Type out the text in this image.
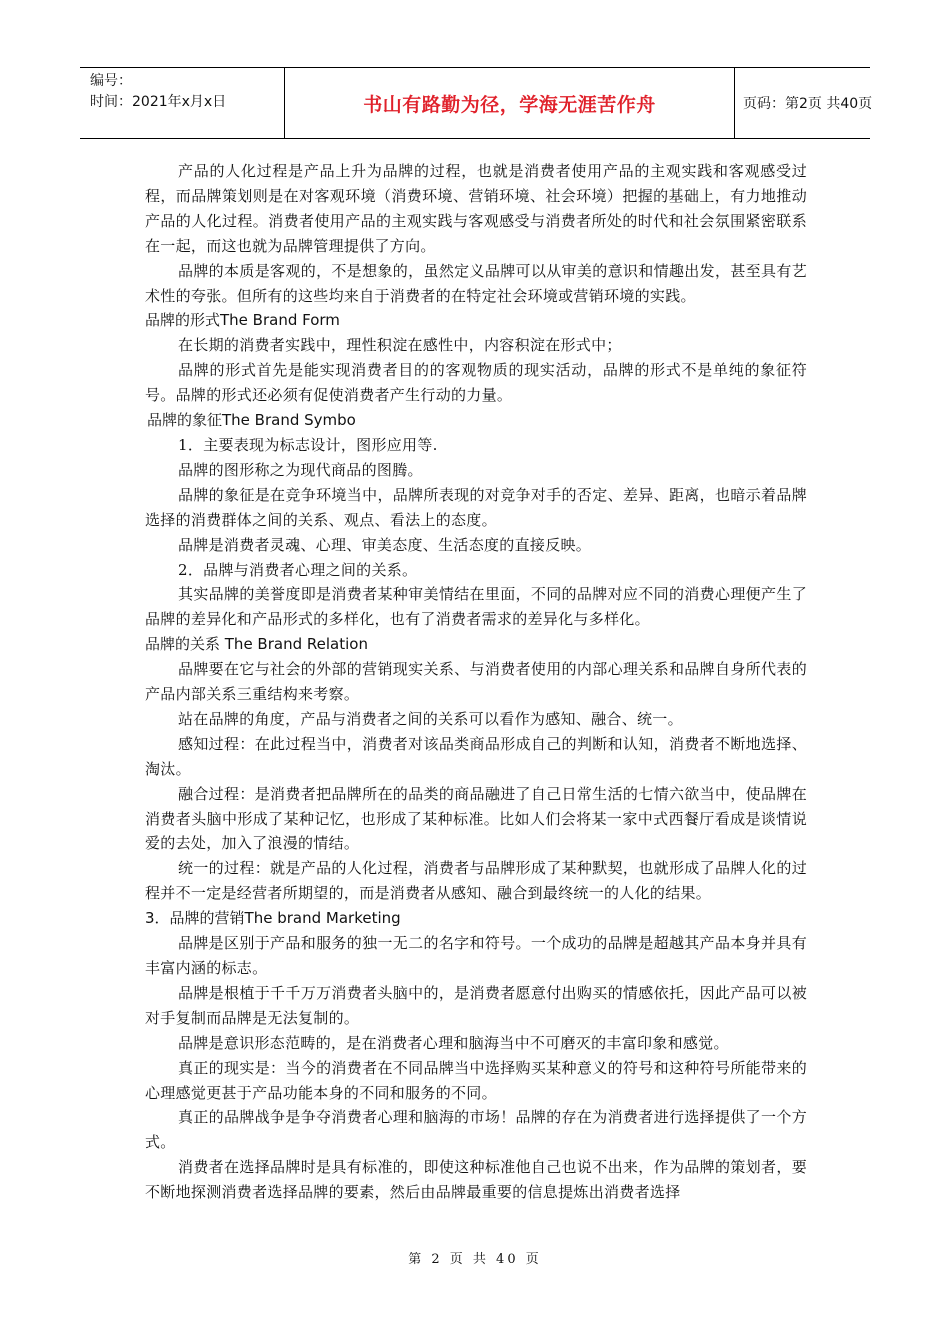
编号：
时间：2021年x月x日	书山有路勤为径，学海无涯苦作舟	页码：第2页 共40页

产品的人化过程是产品上升为品牌的过程，也就是消费者使用产品的主观实践和客观感受过程，而品牌策划则是在对客观环境（消费环境、营销环境、社会环境）把握的基础上，有力地推动产品的人化过程。消费者使用产品的主观实践与客观感受与消费者所处的时代和社会氛围紧密联系在一起，而这也就为品牌管理提供了方向。

品牌的本质是客观的，不是想象的，虽然定义品牌可以从审美的意识和情趣出发，甚至具有艺术性的夸张。但所有的这些均来自于消费者的在特定社会环境或营销环境的实践。

品牌的形式The Brand Form

在长期的消费者实践中，理性积淀在感性中，内容积淀在形式中；

品牌的形式首先是能实现消费者目的的客观物质的现实活动，品牌的形式不是单纯的象征符号。品牌的形式还必须有促使消费者产生行动的力量。

品牌的象征The Brand Symbo

1．主要表现为标志设计，图形应用等.

品牌的图形称之为现代商品的图腾。

品牌的象征是在竞争环境当中，品牌所表现的对竞争对手的否定、差异、距离，也暗示着品牌选择的消费群体之间的关系、观点、看法上的态度。

品牌是消费者灵魂、心理、审美态度、生活态度的直接反映。

2．品牌与消费者心理之间的关系。

其实品牌的美誉度即是消费者某种审美情结在里面，不同的品牌对应不同的消费心理便产生了品牌的差异化和产品形式的多样化，也有了消费者需求的差异化与多样化。

品牌的关系 The Brand Relation

品牌要在它与社会的外部的营销现实关系、与消费者使用的内部心理关系和品牌自身所代表的产品内部关系三重结构来考察。

站在品牌的角度，产品与消费者之间的关系可以看作为感知、融合、统一。

感知过程：在此过程当中，消费者对该品类商品形成自己的判断和认知，消费者不断地选择、淘汰。

融合过程：是消费者把品牌所在的品类的商品融进了自己日常生活的七情六欲当中，使品牌在消费者头脑中形成了某种记忆，也形成了某种标准。比如人们会将某一家中式西餐厅看成是谈情说爱的去处，加入了浪漫的情结。

统一的过程：就是产品的人化过程，消费者与品牌形成了某种默契，也就形成了品牌人化的过程并不一定是经营者所期望的，而是消费者从感知、融合到最终统一的人化的结果。

3．品牌的营销The brand Marketing

品牌是区别于产品和服务的独一无二的名字和符号。一个成功的品牌是超越其产品本身并具有丰富内涵的标志。

品牌是根植于千千万万消费者头脑中的，是消费者愿意付出购买的情感依托，因此产品可以被对手复制而品牌是无法复制的。

品牌是意识形态范畴的，是在消费者心理和脑海当中不可磨灭的丰富印象和感觉。

真正的现实是：当今的消费者在不同品牌当中选择购买某种意义的符号和这种符号所能带来的心理感觉更甚于产品功能本身的不同和服务的不同。

真正的品牌战争是争夺消费者心理和脑海的市场！品牌的存在为消费者进行选择提供了一个方式。

消费者在选择品牌时是具有标准的，即使这种标准他自己也说不出来，作为品牌的策划者，要不断地探测消费者选择品牌的要素，然后由品牌最重要的信息提炼出消费者选择

第 2 页 共 40 页
